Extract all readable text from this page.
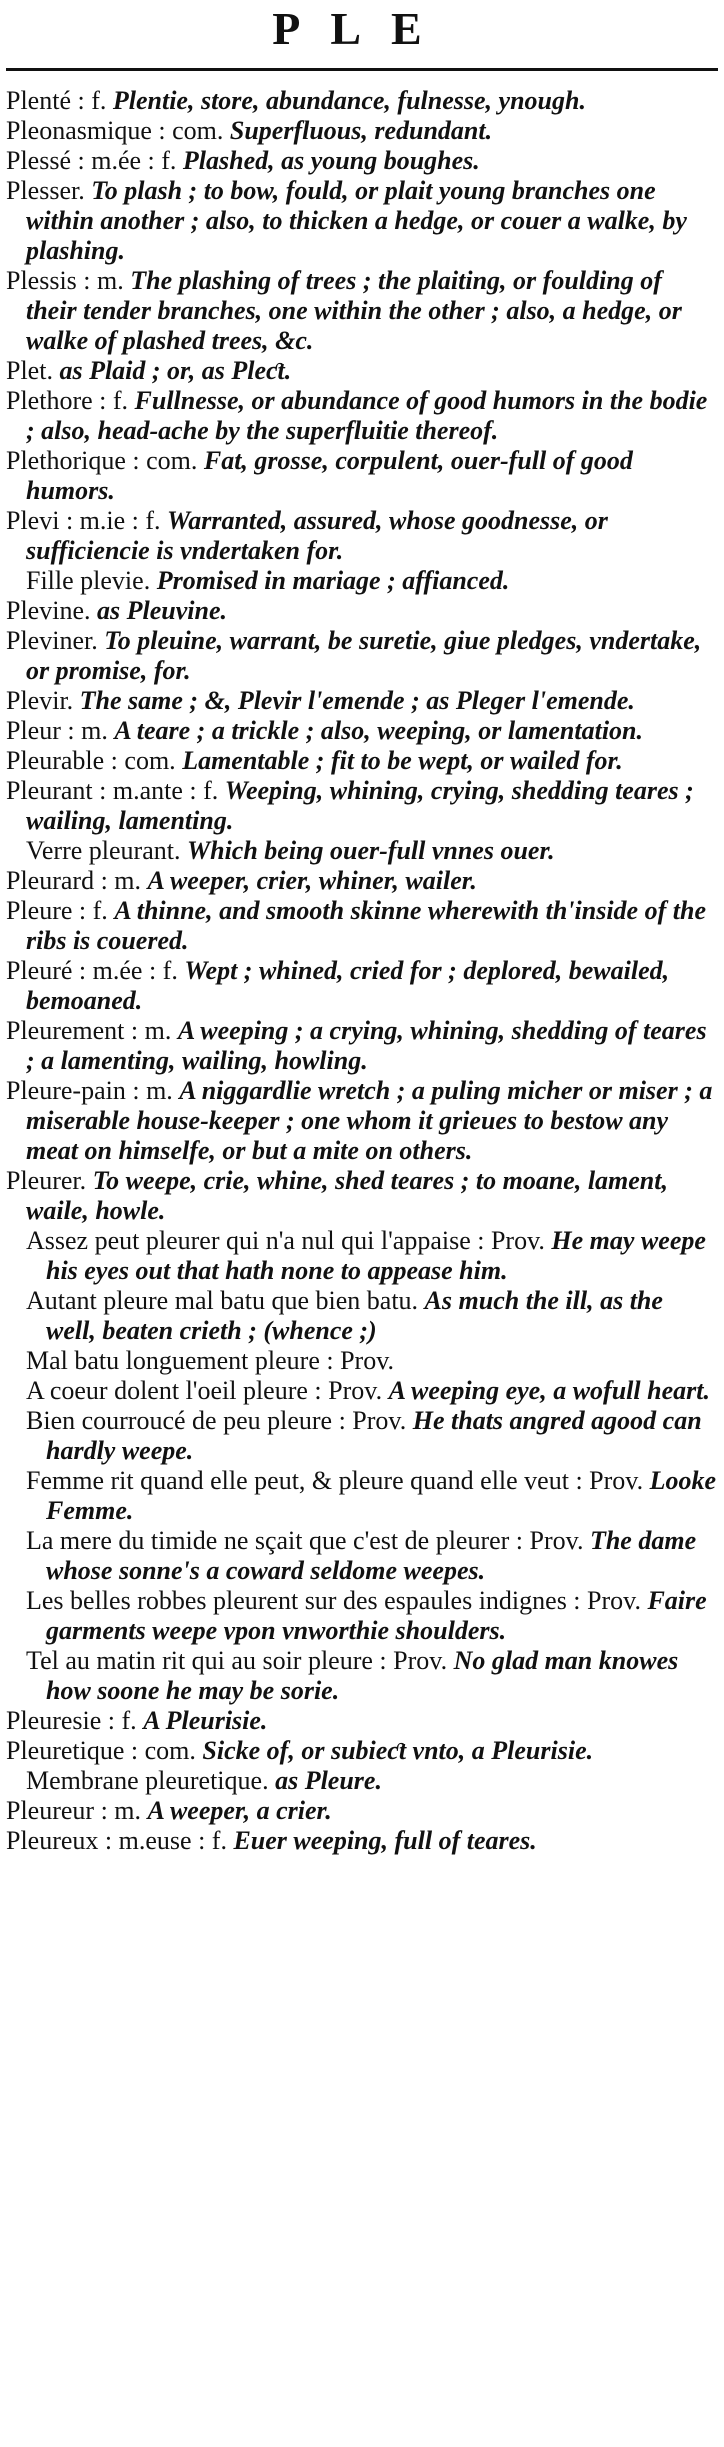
PLE

Plenté : f. Plentie, store, abundance, fulnesse, ynough.

Pleonasmique : com. Superfluous, redundant.

Plessé : m.ée : f. Plashed, as young boughes.

Plesser. To plash ; to bow, fould, or plait young branches one within another ; also, to thicken a hedge, or couer a walke, by plashing.

Plessis : m. The plashing of trees ; the plaiting, or foulding of their tender branches, one within the other ; also, a hedge, or walke of plashed trees, &c.

Plet. as Plaid ; or, as Pleƈt.

Plethore : f. Fullnesse, or abundance of good humors in the bodie ; also, head-ache by the superfluitie thereof.

Plethorique : com. Fat, grosse, corpulent, ouer-full of good humors.

Plevi : m.ie : f. Warranted, assured, whose goodnesse, or sufficiencie is vndertaken for.

Fille plevie. Promised in mariage ; affianced.

Plevine. as Pleuvine.

Pleviner. To pleuine, warrant, be suretie, giue pledges, vndertake, or promise, for.

Plevir. The same ; &, Plevir l'emende ; as Pleger l'emende.

Pleur : m. A teare ; a trickle ; also, weeping, or lamentation.

Pleurable : com. Lamentable ; fit to be wept, or wailed for.

Pleurant : m.ante : f. Weeping, whining, crying, shedding teares ; wailing, lamenting.

Verre pleurant. Which being ouer-full vnnes ouer.

Pleurard : m. A weeper, crier, whiner, wailer.

Pleure : f. A thinne, and smooth skinne wherewith th'inside of the ribs is couered.

Pleuré : m.ée : f. Wept ; whined, cried for ; deplored, bewailed, bemoaned.

Pleurement : m. A weeping ; a crying, whining, shedding of teares ; a lamenting, wailing, howling.

Pleure-pain : m. A niggardlie wretch ; a puling micher or miser ; a miserable house-keeper ; one whom it grieues to bestow any meat on himselfe, or but a mite on others.

Pleurer. To weepe, crie, whine, shed teares ; to moane, lament, waile, howle.

Assez peut pleurer qui n'a nul qui l'appaise : Prov. He may weepe his eyes out that hath none to appease him.

Autant pleure mal batu que bien batu. As much the ill, as the well, beaten crieth ; (whence ;)

Mal batu longuement pleure : Prov.

A coeur dolent l'oeil pleure : Prov. A weeping eye, a wofull heart.

Bien courroucé de peu pleure : Prov. He thats angred agood can hardly weepe.

Femme rit quand elle peut, & pleure quand elle veut : Prov. Looke Femme.

La mere du timide ne sçait que c'est de pleurer : Prov. The dame whose sonne's a coward seldome weepes.

Les belles robbes pleurent sur des espaules indignes : Prov. Faire garments weepe vpon vnworthie shoulders.

Tel au matin rit qui au soir pleure : Prov. No glad man knowes how soone he may be sorie.

Pleuresie : f. A Pleurisie.

Pleuretique : com. Sicke of, or subieƈt vnto, a Pleurisie.

Membrane pleuretique. as Pleure.

Pleureur : m. A weeper, a crier.

Pleureux : m.euse : f. Euer weeping, full of teares.
